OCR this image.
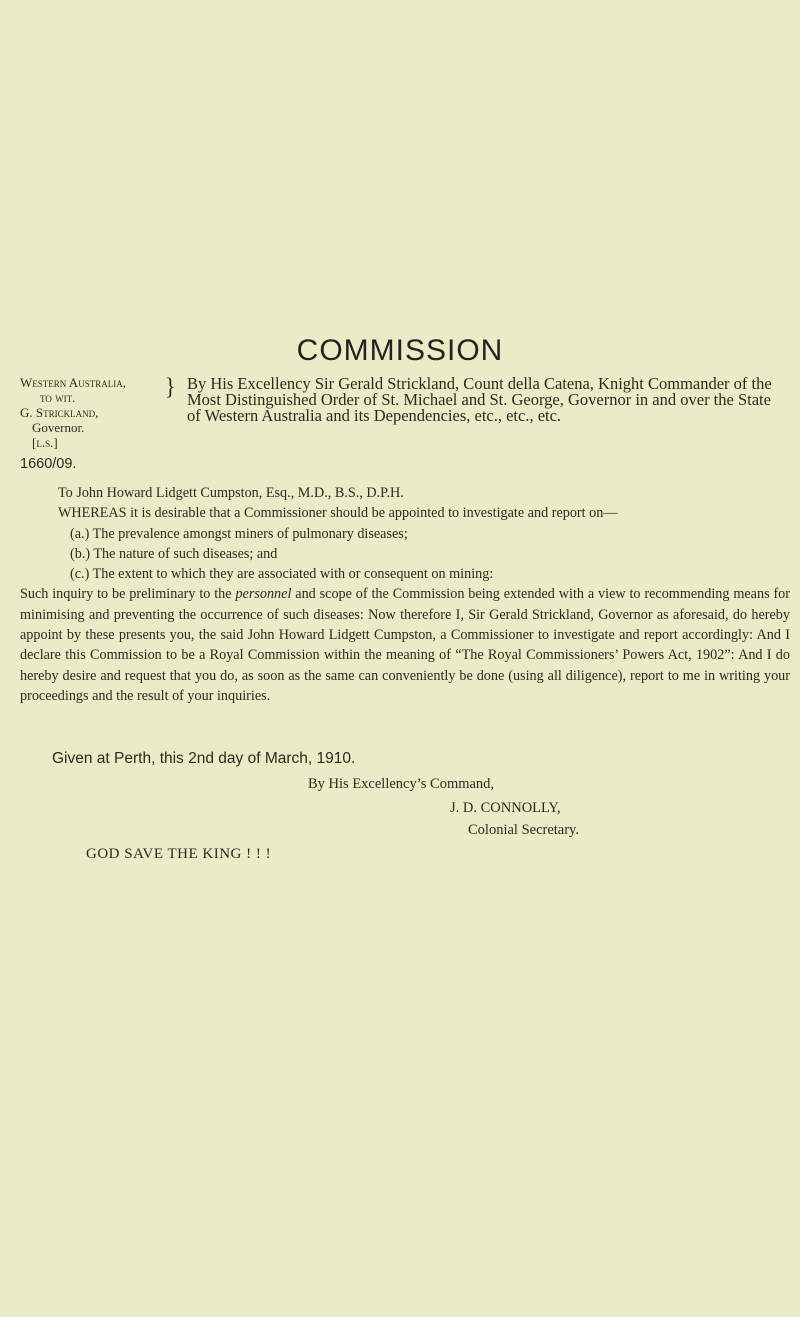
COMMISSION
Western Australia,
to wit.
G. Strickland,
Governor.
[l.s.]
} By His Excellency Sir Gerald Strickland, Count della Catena, Knight Commander of the Most Distinguished Order of St. Michael and St. George, Governor in and over the State of Western Australia and its Dependencies, etc., etc., etc.
1660/09.

To John Howard Lidgett Cumpston, Esq., M.D., B.S., D.P.H.

WHEREAS it is desirable that a Commissioner should be appointed to investigate and report on—

(a.) The prevalence amongst miners of pulmonary diseases;

(b.) The nature of such diseases; and

(c.) The extent to which they are associated with or consequent on mining:

Such inquiry to be preliminary to the personnel and scope of the Commission being extended with a view to recommending means for minimising and preventing the occurrence of such diseases: Now therefore I, Sir Gerald Strickland, Governor as aforesaid, do hereby appoint by these presents you, the said John Howard Lidgett Cumpston, a Commissioner to investigate and report accordingly: And I declare this Commission to be a Royal Commission within the meaning of “The Royal Commissioners’ Powers Act, 1902”: And I do hereby desire and request that you do, as soon as the same can conveniently be done (using all diligence), report to me in writing your proceedings and the result of your inquiries.

Given at Perth, this 2nd day of March, 1910.
By His Excellency’s Command,
J. D. CONNOLLY,
Colonial Secretary.
GOD SAVE THE KING ! ! !
